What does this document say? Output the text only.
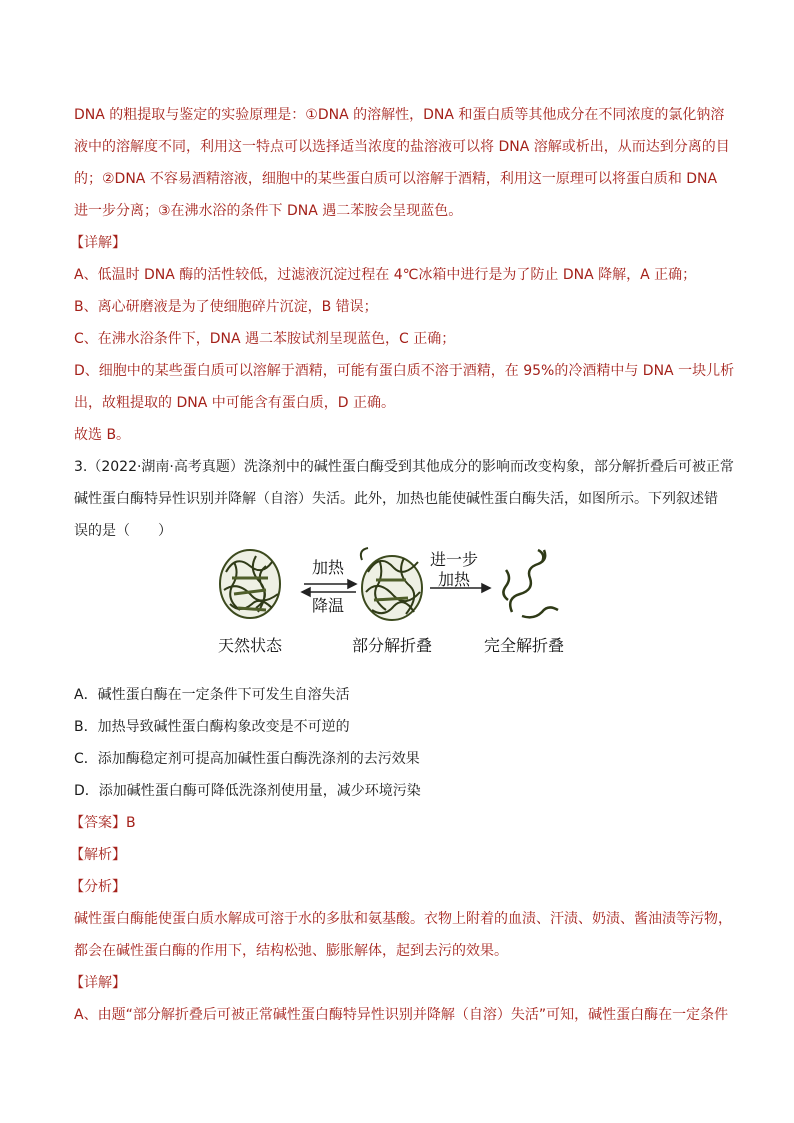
DNA 的粗提取与鉴定的实验原理是：①DNA 的溶解性，DNA 和蛋白质等其他成分在不同浓度的氯化钠溶
液中的溶解度不同，利用这一特点可以选择适当浓度的盐溶液可以将 DNA 溶解或析出，从而达到分离的目
的；②DNA 不容易酒精溶液，细胞中的某些蛋白质可以溶解于酒精，利用这一原理可以将蛋白质和 DNA
进一步分离；③在沸水浴的条件下 DNA 遇二苯胺会呈现蓝色。
【详解】
A、低温时 DNA 酶的活性较低，过滤液沉淀过程在 4℃冰箱中进行是为了防止 DNA 降解，A 正确；
B、离心研磨液是为了使细胞碎片沉淀，B 错误；
C、在沸水浴条件下，DNA 遇二苯胺试剂呈现蓝色，C 正确；
D、细胞中的某些蛋白质可以溶解于酒精，可能有蛋白质不溶于酒精，在 95%的冷酒精中与 DNA 一块儿析
出，故粗提取的 DNA 中可能含有蛋白质，D 正确。
故选 B。
3.（2022·湖南·高考真题）洗涤剂中的碱性蛋白酶受到其他成分的影响而改变构象，部分解折叠后可被正常
碱性蛋白酶特异性识别并降解（自溶）失活。此外，加热也能使碱性蛋白酶失活，如图所示。下列叙述错
误的是（　　）
加热
降温
进一步
加热
天然状态	部分解折叠	完全解折叠
A．碱性蛋白酶在一定条件下可发生自溶失活
B．加热导致碱性蛋白酶构象改变是不可逆的
C．添加酶稳定剂可提高加碱性蛋白酶洗涤剂的去污效果
D．添加碱性蛋白酶可降低洗涤剂使用量，减少环境污染
【答案】B
【解析】
【分析】
碱性蛋白酶能使蛋白质水解成可溶于水的多肽和氨基酸。衣物上附着的血渍、汗渍、奶渍、酱油渍等污物，
都会在碱性蛋白酶的作用下，结构松弛、膨胀解体，起到去污的效果。
【详解】
A、由题“部分解折叠后可被正常碱性蛋白酶特异性识别并降解（自溶）失活”可知，碱性蛋白酶在一定条件
